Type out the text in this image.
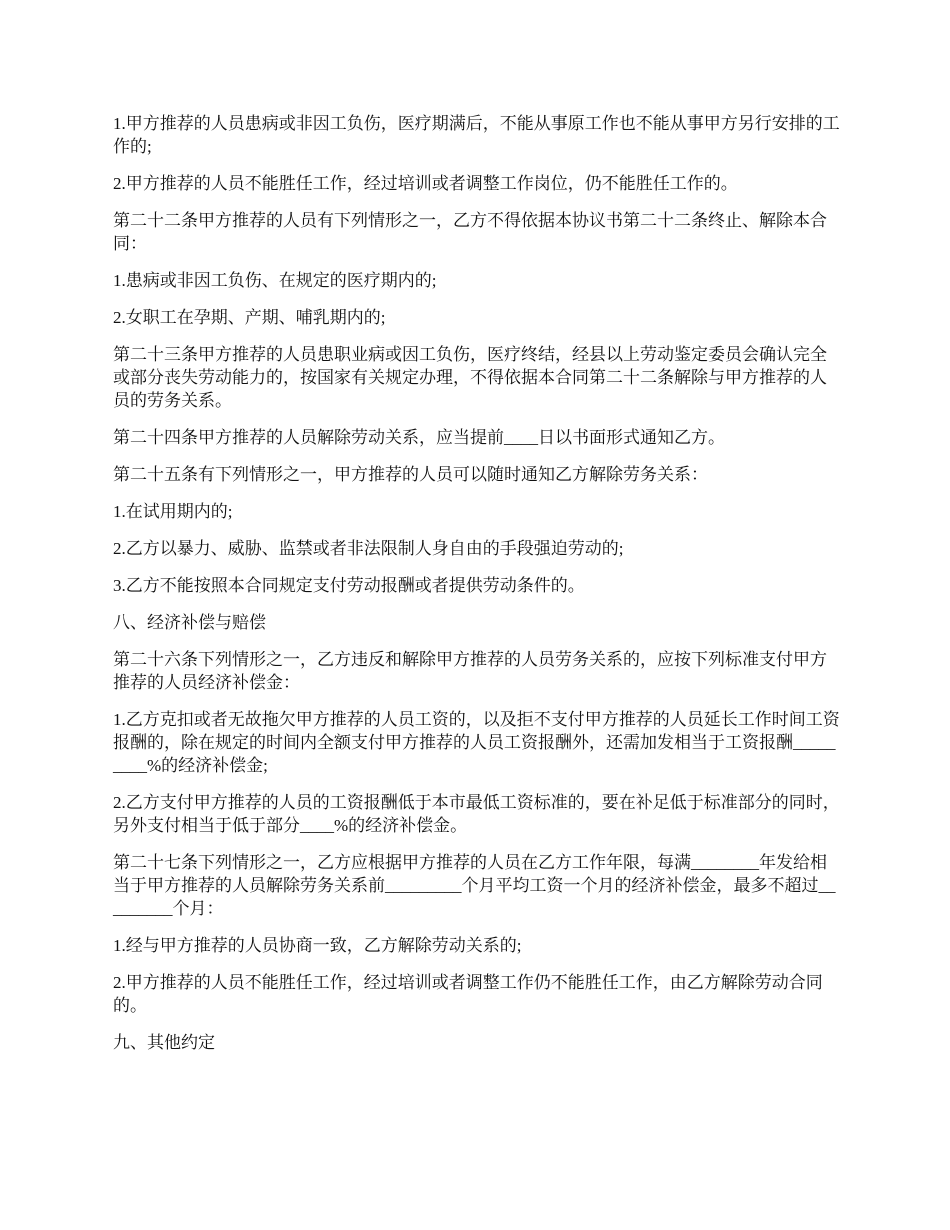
1.甲方推荐的人员患病或非因工负伤，医疗期满后，不能从事原工作也不能从事甲方另行安排的工作的;

2.甲方推荐的人员不能胜任工作，经过培训或者调整工作岗位，仍不能胜任工作的。

第二十二条甲方推荐的人员有下列情形之一，乙方不得依据本协议书第二十二条终止、解除本合同：

1.患病或非因工负伤、在规定的医疗期内的;

2.女职工在孕期、产期、哺乳期内的;

第二十三条甲方推荐的人员患职业病或因工负伤，医疗终结，经县以上劳动鉴定委员会确认完全或部分丧失劳动能力的，按国家有关规定办理，不得依据本合同第二十二条解除与甲方推荐的人员的劳务关系。

第二十四条甲方推荐的人员解除劳动关系，应当提前____日以书面形式通知乙方。

第二十五条有下列情形之一，甲方推荐的人员可以随时通知乙方解除劳务关系：

1.在试用期内的;

2.乙方以暴力、威胁、监禁或者非法限制人身自由的手段强迫劳动的;

3.乙方不能按照本合同规定支付劳动报酬或者提供劳动条件的。

八、经济补偿与赔偿

第二十六条下列情形之一，乙方违反和解除甲方推荐的人员劳务关系的，应按下列标准支付甲方推荐的人员经济补偿金：

1.乙方克扣或者无故拖欠甲方推荐的人员工资的，以及拒不支付甲方推荐的人员延长工作时间工资报酬的，除在规定的时间内全额支付甲方推荐的人员工资报酬外，还需加发相当于工资报酬_________%的经济补偿金;

2.乙方支付甲方推荐的人员的工资报酬低于本市最低工资标准的，要在补足低于标准部分的同时，另外支付相当于低于部分____%的经济补偿金。

第二十七条下列情形之一，乙方应根据甲方推荐的人员在乙方工作年限，每满________年发给相当于甲方推荐的人员解除劳务关系前_________个月平均工资一个月的经济补偿金，最多不超过_________个月：

1.经与甲方推荐的人员协商一致，乙方解除劳动关系的;

2.甲方推荐的人员不能胜任工作，经过培训或者调整工作仍不能胜任工作，由乙方解除劳动合同的。

九、其他约定
